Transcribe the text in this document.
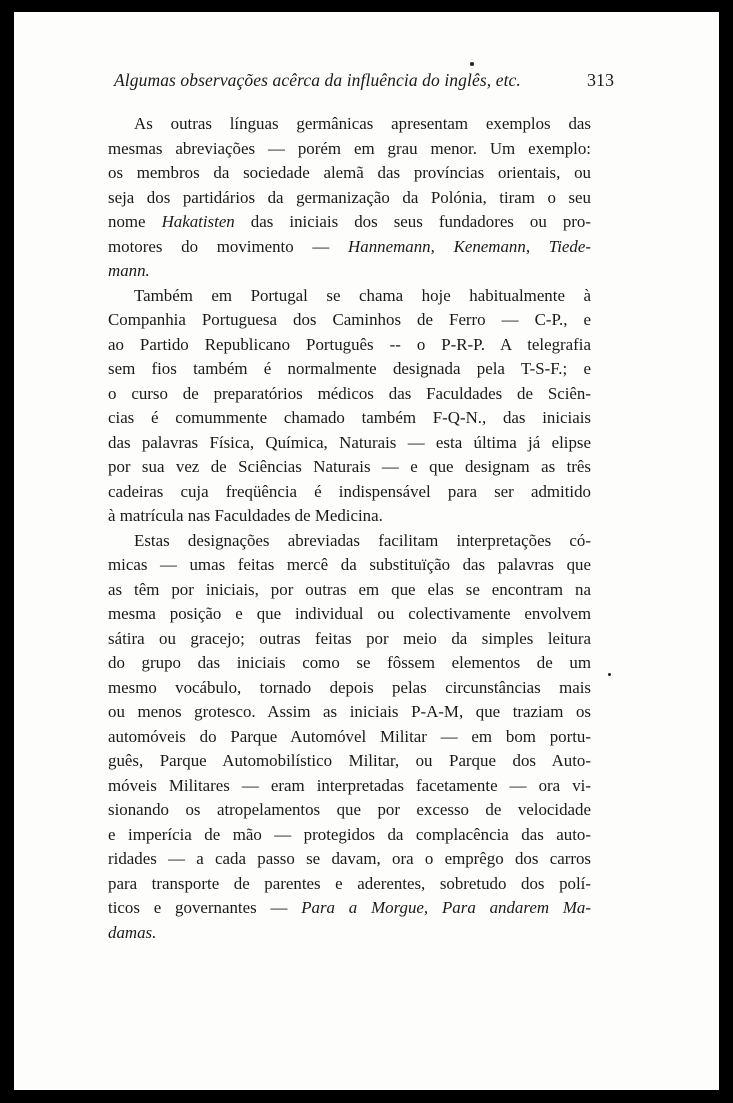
Algumas observações acêrca da influência do inglês, etc.	313
As outras línguas germânicas apresentam exemplos das
mesmas abreviações — porém em grau menor. Um exemplo:
os membros da sociedade alemã das províncias orientais, ou
seja dos partidários da germanização da Polónia, tiram o seu
nome Hakatisten das iniciais dos seus fundadores ou pro-
motores do movimento — Hannemann, Kenemann, Tiede-
mann.
Também em Portugal se chama hoje habitualmente à
Companhia Portuguesa dos Caminhos de Ferro — C-P., e
ao Partido Republicano Português -- o P-R-P. A telegrafia
sem fios também é normalmente designada pela T-S-F.; e
o curso de preparatórios médicos das Faculdades de Sciên-
cias é comummente chamado também F-Q-N., das iniciais
das palavras Física, Química, Naturais — esta última já elipse
por sua vez de Sciências Naturais — e que designam as três
cadeiras cuja freqüência é indispensável para ser admitido
à matrícula nas Faculdades de Medicina.
Estas designações abreviadas facilitam interpretações có-
micas — umas feitas mercê da substituïção das palavras que
as têm por iniciais, por outras em que elas se encontram na
mesma posição e que individual ou colectivamente envolvem
sátira ou gracejo; outras feitas por meio da simples leitura
do grupo das iniciais como se fôssem elementos de um
mesmo vocábulo, tornado depois pelas circunstâncias mais
ou menos grotesco. Assim as iniciais P-A-M, que traziam os
automóveis do Parque Automóvel Militar — em bom portu-
guês, Parque Automobilístico Militar, ou Parque dos Auto-
móveis Militares — eram interpretadas facetamente — ora vi-
sionando os atropelamentos que por excesso de velocidade
e imperícia de mão — protegidos da complacência das auto-
ridades — a cada passo se davam, ora o emprêgo dos carros
para transporte de parentes e aderentes, sobretudo dos polí-
ticos e governantes — Para a Morgue, Para andarem Ma-
damas.
